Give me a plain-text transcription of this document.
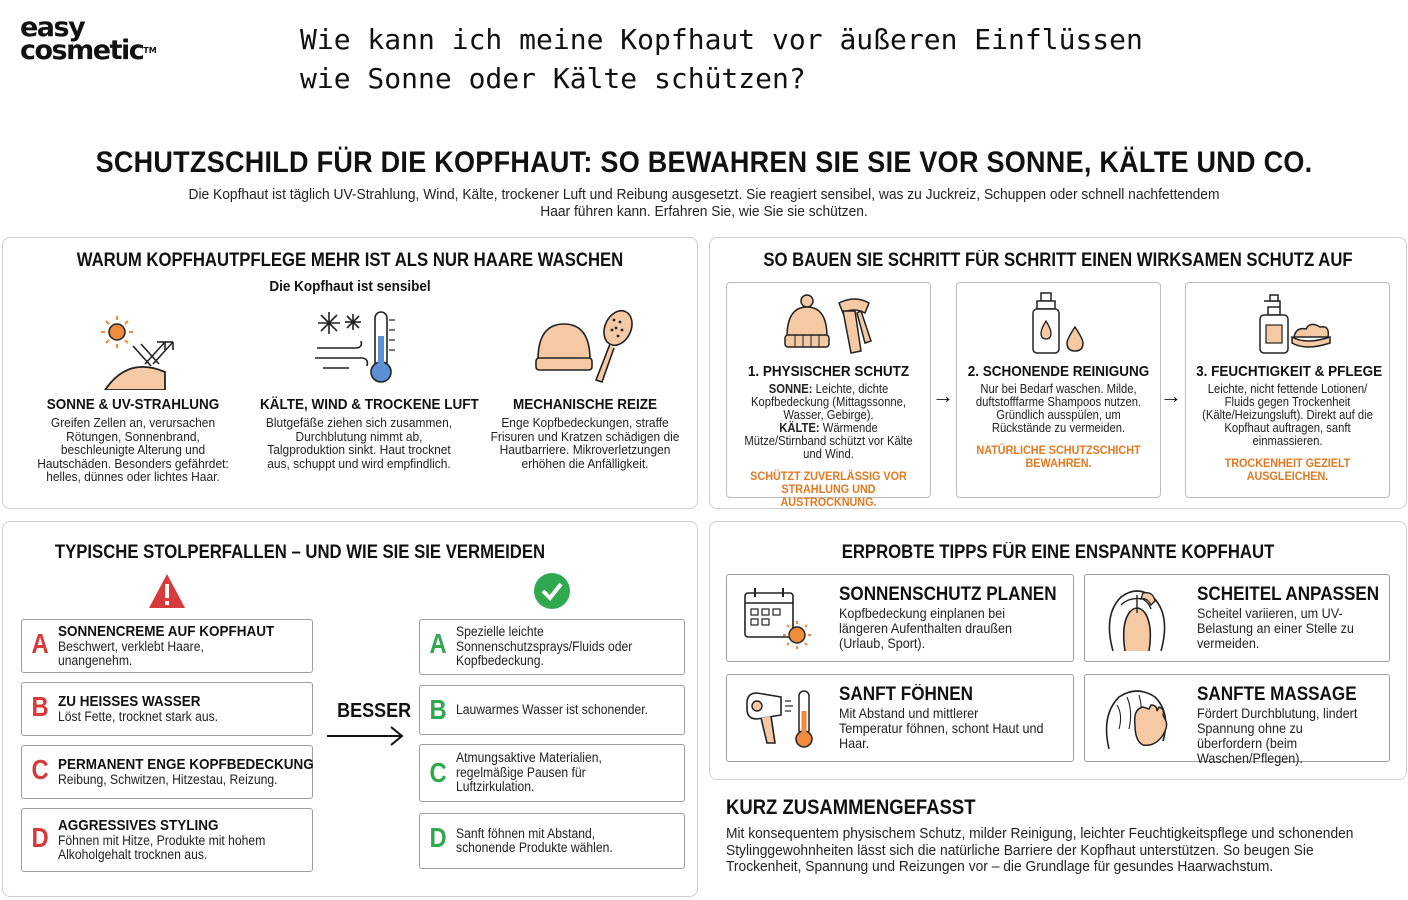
easy
cosmetic™	Wie kann ich meine Kopfhaut vor äußeren Einflüssen wie Sonne oder Kälte schützen?
SCHUTZSCHILD FÜR DIE KOPFHAUT: SO BEWAHREN SIE SIE VOR SONNE, KÄLTE UND CO.
Die Kopfhaut ist täglich UV-Strahlung, Wind, Kälte, trockener Luft und Reibung ausgesetzt. Sie reagiert sensibel, was zu Juckreiz, Schuppen oder schnell nachfettendem Haar führen kann. Erfahren Sie, wie Sie sie schützen.
WARUM KOPFHAUTPFLEGE MEHR IST ALS NUR HAARE WASCHEN
Die Kopfhaut ist sensibel
SONNE & UV-STRAHLUNG

Greifen Zellen an, verursachen Rötungen, Sonnenbrand, beschleunigte Alterung und Hautschäden. Besonders gefährdet: helles, dünnes oder lichtes Haar.

KÄLTE, WIND & TROCKENE LUFT

Blutgefäße ziehen sich zusammen, Durchblutung nimmt ab, Talgproduktion sinkt. Haut trocknet aus, schuppt und wird empfindlich.

MECHANISCHE REIZE

Enge Kopfbedeckungen, straffe Frisuren und Kratzen schädigen die Hautbarriere. Mikroverletzungen erhöhen die Anfälligkeit.

SO BAUEN SIE SCHRITT FÜR SCHRITT EINEN WIRKSAMEN SCHUTZ AUF
1. PHYSISCHER SCHUTZ

SONNE: Leichte, dichte Kopfbedeckung (Mittagssonne, Wasser, Gebirge).
KÄLTE: Wärmende Mütze/Stirnband schützt vor Kälte und Wind.

SCHÜTZT ZUVERLÄSSIG VOR STRAHLUNG UND AUSTROCKNUNG.

→
2. SCHONENDE REINIGUNG

Nur bei Bedarf waschen. Milde, duftstofffarme Shampoos nutzen. Gründlich ausspülen, um Rückstände zu vermeiden.

NATÜRLICHE SCHUTZSCHICHT BEWAHREN.

→
3. FEUCHTIGKEIT & PFLEGE

Leichte, nicht fettende Lotionen/ Fluids gegen Trockenheit (Kälte/Heizungsluft). Direkt auf die Kopfhaut auftragen, sanft einmassieren.

TROCKENHEIT GEZIELT AUSGLEICHEN.

TYPISCHE STOLPERFALLEN – UND WIE SIE SIE VERMEIDEN
A SONNENCREME AUF KOPFHAUT
Beschwert, verklebt Haare, unangenehm.
B ZU HEISSES WASSER
Löst Fette, trocknet stark aus.
C PERMANENT ENGE KOPFBEDECKUNG
Reibung, Schwitzen, Hitzestau, Reizung.
D AGGRESSIVES STYLING
Föhnen mit Hitze, Produkte mit hohem Alkoholgehalt trocknen aus.
BESSER
A Spezielle leichte Sonnenschutzsprays/Fluids oder Kopfbedeckung.
B Lauwarmes Wasser ist schonender.
C Atmungsaktive Materialien, regelmäßige Pausen für Luftzirkulation.
D Sanft föhnen mit Abstand, schonende Produkte wählen.
ERPROBTE TIPPS FÜR EINE ENSPANNTE KOPFHAUT
SONNENSCHUTZ PLANEN
Kopfbedeckung einplanen bei längeren Aufenthalten draußen (Urlaub, Sport).
SCHEITEL ANPASSEN
Scheitel variieren, um UV-Belastung an einer Stelle zu vermeiden.
SANFT FÖHNEN
Mit Abstand und mittlerer Temperatur föhnen, schont Haut und Haar.
SANFTE MASSAGE
Fördert Durchblutung, lindert Spannung ohne zu überfordern (beim Waschen/Pflegen).
KURZ ZUSAMMENGEFASST
Mit konsequentem physischem Schutz, milder Reinigung, leichter Feuchtigkeitspflege und schonenden Stylinggewohnheiten lässt sich die natürliche Barriere der Kopfhaut unterstützen. So beugen Sie Trockenheit, Spannung und Reizungen vor – die Grundlage für gesundes Haarwachstum.
